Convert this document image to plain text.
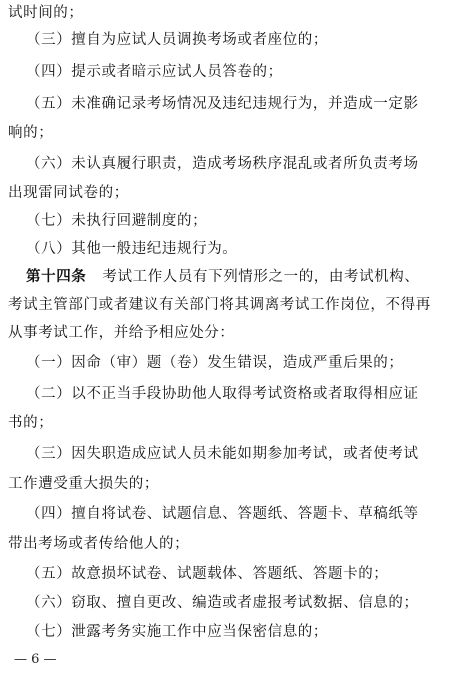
试时间的；
（三）擅自为应试人员调换考场或者座位的；
（四）提示或者暗示应试人员答卷的；
（五）未准确记录考场情况及违纪违规行为，并造成一定影
响的；
（六）未认真履行职责，造成考场秩序混乱或者所负责考场
出现雷同试卷的；
（七）未执行回避制度的；
（八）其他一般违纪违规行为。
第十四条 考试工作人员有下列情形之一的，由考试机构、
考试主管部门或者建议有关部门将其调离考试工作岗位，不得再
从事考试工作，并给予相应处分：
（一）因命（审）题（卷）发生错误，造成严重后果的；
（二）以不正当手段协助他人取得考试资格或者取得相应证
书的；
（三）因失职造成应试人员未能如期参加考试，或者使考试
工作遭受重大损失的；
（四）擅自将试卷、试题信息、答题纸、答题卡、草稿纸等
带出考场或者传给他人的；
（五）故意损坏试卷、试题载体、答题纸、答题卡的；
（六）窃取、擅自更改、编造或者虚报考试数据、信息的；
（七）泄露考务实施工作中应当保密信息的；
— 6 —
